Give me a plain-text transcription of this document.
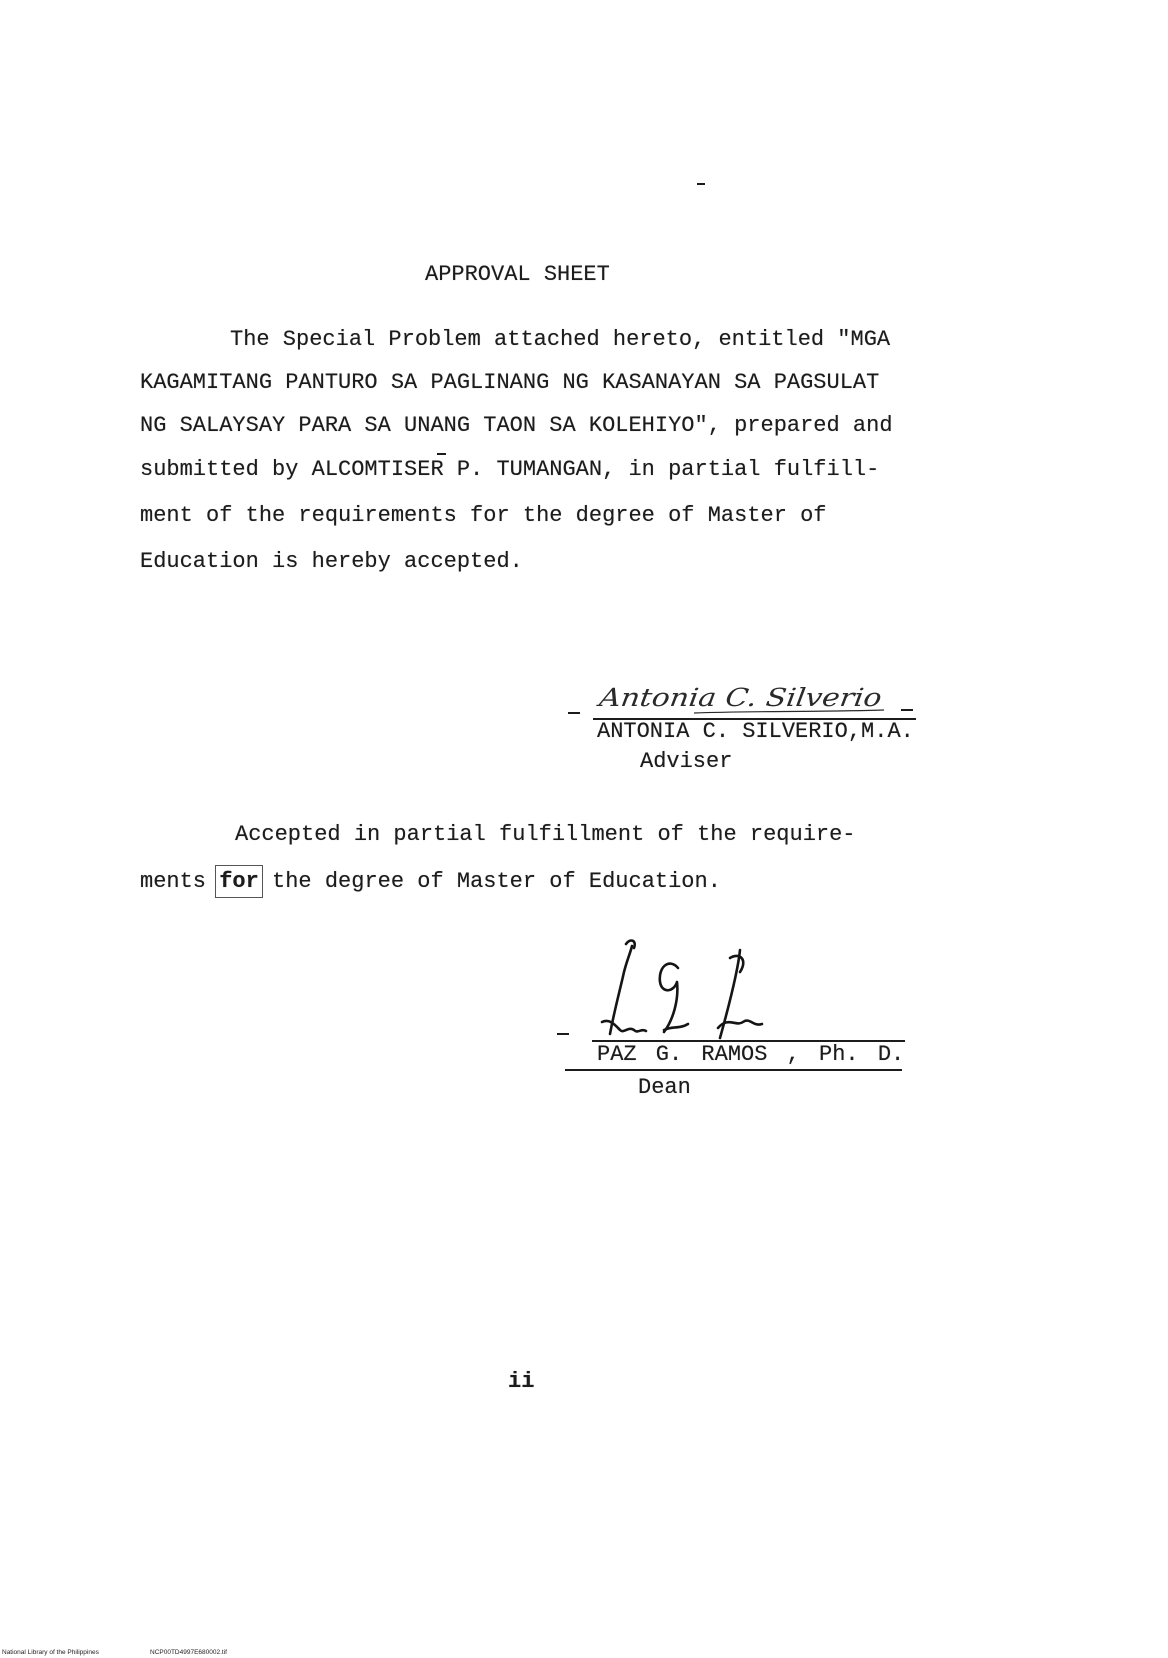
APPROVAL SHEET
The Special Problem attached hereto, entitled "MGA
KAGAMITANG PANTURO SA PAGLINANG NG KASANAYAN SA PAGSULAT
NG SALAYSAY PARA SA UNANG TAON SA KOLEHIYO", prepared and
submitted by ALCOMTISER P. TUMANGAN, in partial fulfill-
ment of the requirements for the degree of Master of
Education is hereby accepted.
Antonia C. Silverio
ANTONIA C. SILVERIO,M.A.
Adviser
Accepted in partial fulfillment of the require-
ments for the degree of Master of Education.
PAZ G. RAMOS , Ph. D.
Dean
ii
National Library of the Philippines	NCP00TD4997E680002.tif
